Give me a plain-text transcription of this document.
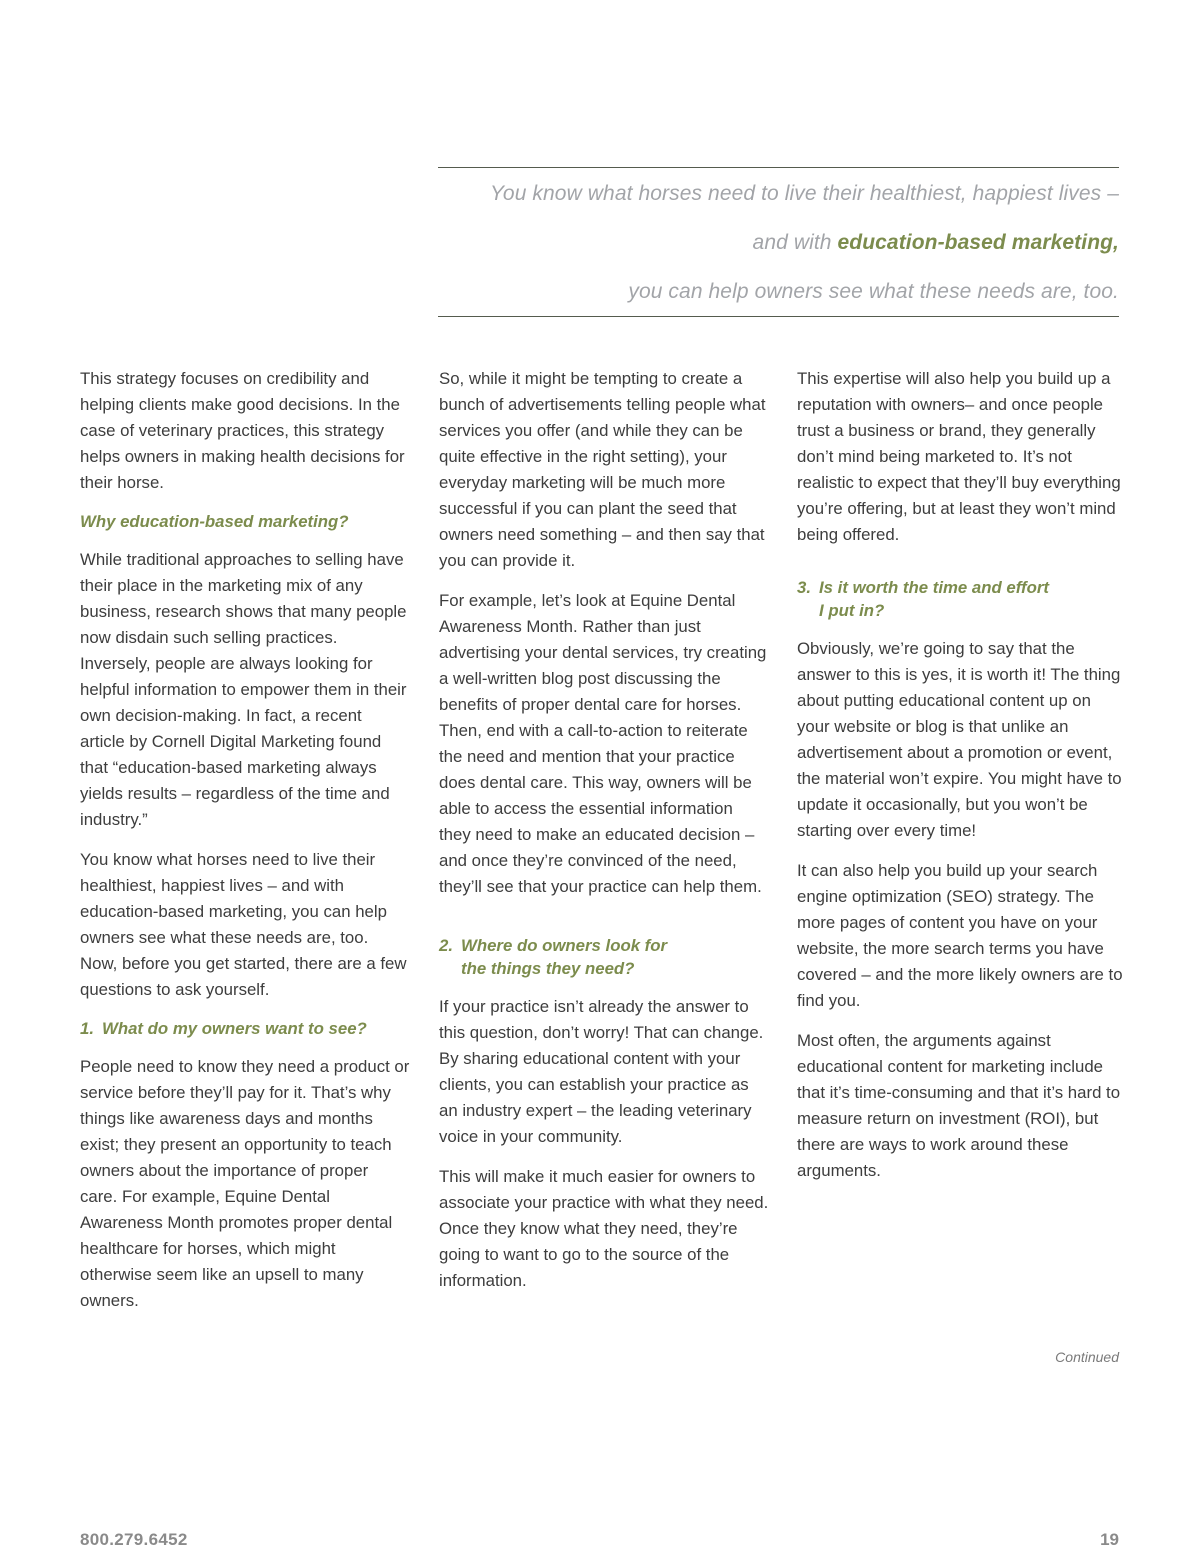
You know what horses need to live their healthiest, happiest lives –
and with education-based marketing,
you can help owners see what these needs are, too.

This strategy focuses on credibility and helping clients make good decisions. In the case of veterinary practices, this strategy helps owners in making health decisions for their horse.

Why education-based marketing?

While traditional approaches to selling have their place in the marketing mix of any business, research shows that many people now disdain such selling practices. Inversely, people are always looking for helpful information to empower them in their own decision-making. In fact, a recent article by Cornell Digital Marketing found that “education-based marketing always yields results – regardless of the time and industry.”

You know what horses need to live their healthiest, happiest lives – and with education-based marketing, you can help owners see what these needs are, too. Now, before you get started, there are a few questions to ask yourself.

1. What do my owners want to see?

People need to know they need a product or service before they’ll pay for it. That’s why things like awareness days and months exist; they present an opportunity to teach owners about the importance of proper care. For example, Equine Dental Awareness Month promotes proper dental healthcare for horses, which might otherwise seem like an upsell to many owners.

So, while it might be tempting to create a bunch of advertisements telling people what services you offer (and while they can be quite effective in the right setting), your everyday marketing will be much more successful if you can plant the seed that owners need something – and then say that you can provide it.

For example, let’s look at Equine Dental Awareness Month. Rather than just advertising your dental services, try creating a well-written blog post discussing the benefits of proper dental care for horses. Then, end with a call-to-action to reiterate the need and mention that your practice does dental care. This way, owners will be able to access the essential information they need to make an educated decision – and once they’re convinced of the need, they’ll see that your practice can help them.

2. Where do owners look for
the things they need?

If your practice isn’t already the answer to this question, don’t worry! That can change. By sharing educational content with your clients, you can establish your practice as an industry expert – the leading veterinary voice in your community.

This will make it much easier for owners to associate your practice with what they need. Once they know what they need, they’re going to want to go to the source of the information.

This expertise will also help you build up a reputation with owners– and once people trust a business or brand, they generally don’t mind being marketed to. It’s not realistic to expect that they’ll buy everything you’re offering, but at least they won’t mind being offered.

3. Is it worth the time and effort
I put in?

Obviously, we’re going to say that the answer to this is yes, it is worth it! The thing about putting educational content up on your website or blog is that unlike an advertisement about a promotion or event, the material won’t expire. You might have to update it occasionally, but you won’t be starting over every time!

It can also help you build up your search engine optimization (SEO) strategy. The more pages of content you have on your website, the more search terms you have covered – and the more likely owners are to find you.

Most often, the arguments against educational content for marketing include that it’s time-consuming and that it’s hard to measure return on investment (ROI), but there are ways to work around these arguments.

Continued
800.279.6452	19
